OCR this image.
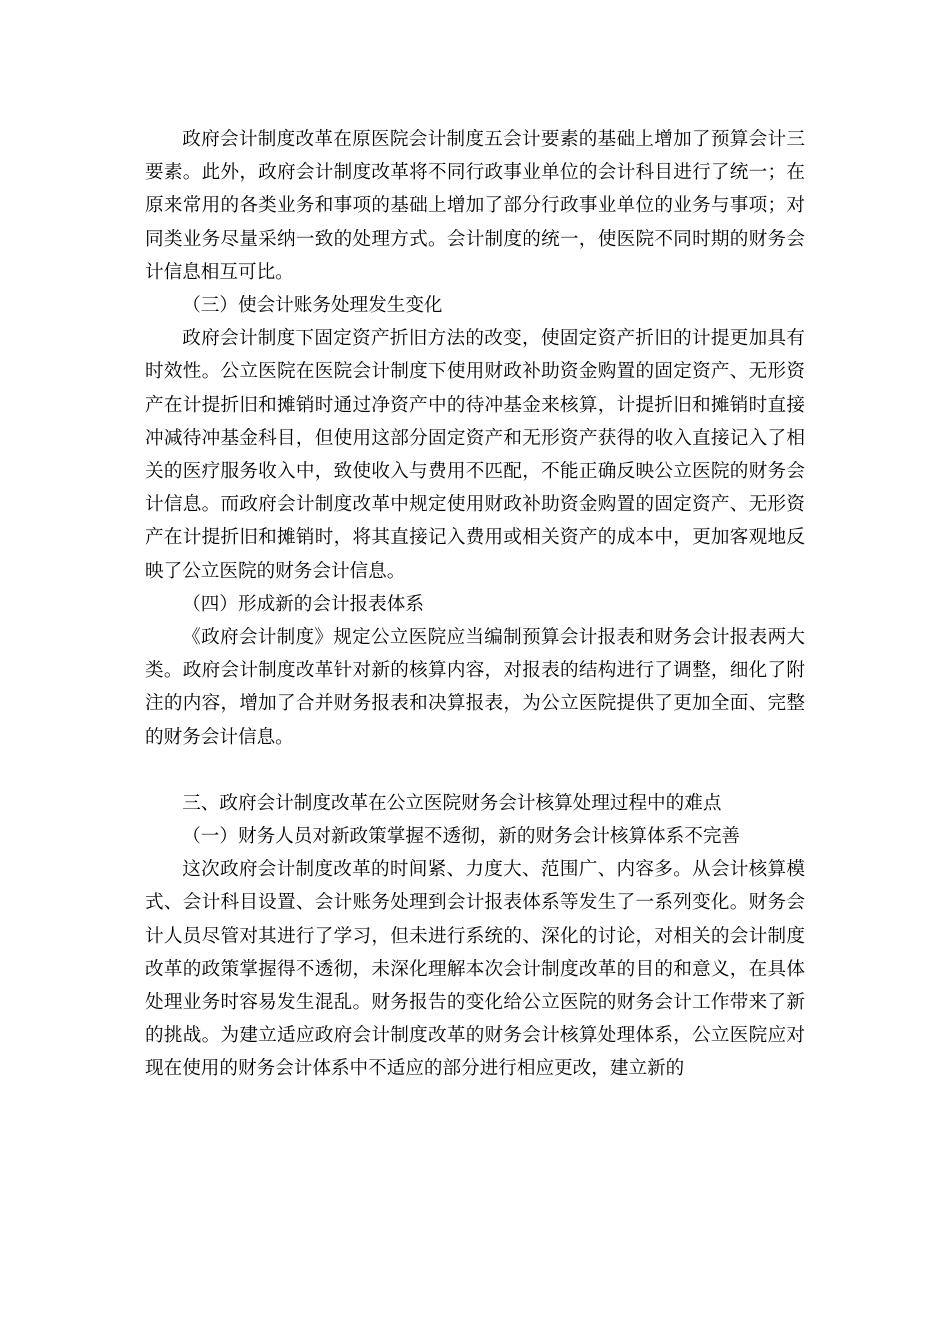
政府会计制度改革在原医院会计制度五会计要素的基础上增加了预算会计三要素。此外，政府会计制度改革将不同行政事业单位的会计科目进行了统一；在原来常用的各类业务和事项的基础上增加了部分行政事业单位的业务与事项；对同类业务尽量采纳一致的处理方式。会计制度的统一，使医院不同时期的财务会计信息相互可比。

（三）使会计账务处理发生变化

政府会计制度下固定资产折旧方法的改变，使固定资产折旧的计提更加具有时效性。公立医院在医院会计制度下使用财政补助资金购置的固定资产、无形资产在计提折旧和摊销时通过净资产中的待冲基金来核算，计提折旧和摊销时直接冲减待冲基金科目，但使用这部分固定资产和无形资产获得的收入直接记入了相关的医疗服务收入中，致使收入与费用不匹配，不能正确反映公立医院的财务会计信息。而政府会计制度改革中规定使用财政补助资金购置的固定资产、无形资产在计提折旧和摊销时，将其直接记入费用或相关资产的成本中，更加客观地反映了公立医院的财务会计信息。

（四）形成新的会计报表体系

《政府会计制度》规定公立医院应当编制预算会计报表和财务会计报表两大类。政府会计制度改革针对新的核算内容，对报表的结构进行了调整，细化了附注的内容，增加了合并财务报表和决算报表，为公立医院提供了更加全面、完整的财务会计信息。

三、政府会计制度改革在公立医院财务会计核算处理过程中的难点

（一）财务人员对新政策掌握不透彻，新的财务会计核算体系不完善

这次政府会计制度改革的时间紧、力度大、范围广、内容多。从会计核算模式、会计科目设置、会计账务处理到会计报表体系等发生了一系列变化。财务会计人员尽管对其进行了学习，但未进行系统的、深化的讨论，对相关的会计制度改革的政策掌握得不透彻，未深化理解本次会计制度改革的目的和意义，在具体处理业务时容易发生混乱。财务报告的变化给公立医院的财务会计工作带来了新的挑战。为建立适应政府会计制度改革的财务会计核算处理体系，公立医院应对现在使用的财务会计体系中不适应的部分进行相应更改，建立新的
